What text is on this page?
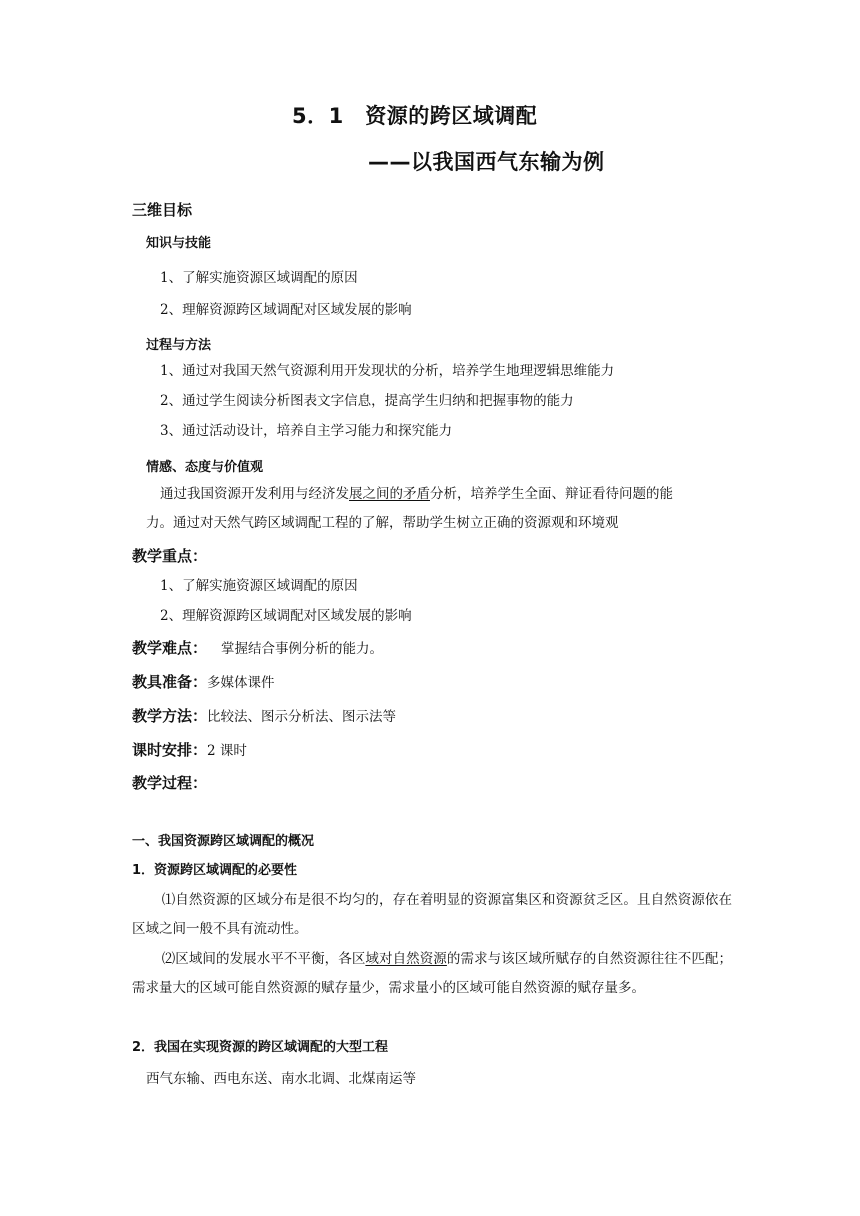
5．1　资源的跨区域调配
——以我国西气东输为例
三维目标
知识与技能
1、了解实施资源区域调配的原因
2、理解资源跨区域调配对区域发展的影响
过程与方法
1、通过对我国天然气资源利用开发现状的分析，培养学生地理逻辑思维能力
2、通过学生阅读分析图表文字信息，提高学生归纳和把握事物的能力
3、通过活动设计，培养自主学习能力和探究能力
情感、态度与价值观
通过我国资源开发利用与经济发展之间的矛盾分析，培养学生全面、辩证看待问题的能
力。通过对天然气跨区域调配工程的了解，帮助学生树立正确的资源观和环境观
教学重点：
1、了解实施资源区域调配的原因
2、理解资源跨区域调配对区域发展的影响
教学难点： 掌握结合事例分析的能力。
教具准备：多媒体课件
教学方法：比较法、图示分析法、图示法等
课时安排：2 课时
教学过程：
一、我国资源跨区域调配的概况
1．资源跨区域调配的必要性
⑴自然资源的区域分布是很不均匀的，存在着明显的资源富集区和资源贫乏区。且自然资源依在区域之间一般不具有流动性。
⑵区域间的发展水平不平衡，各区域对自然资源的需求与该区域所赋存的自然资源往往不匹配；需求量大的区域可能自然资源的赋存量少，需求量小的区域可能自然资源的赋存量多。
2．我国在实现资源的跨区域调配的大型工程
西气东输、西电东送、南水北调、北煤南运等
